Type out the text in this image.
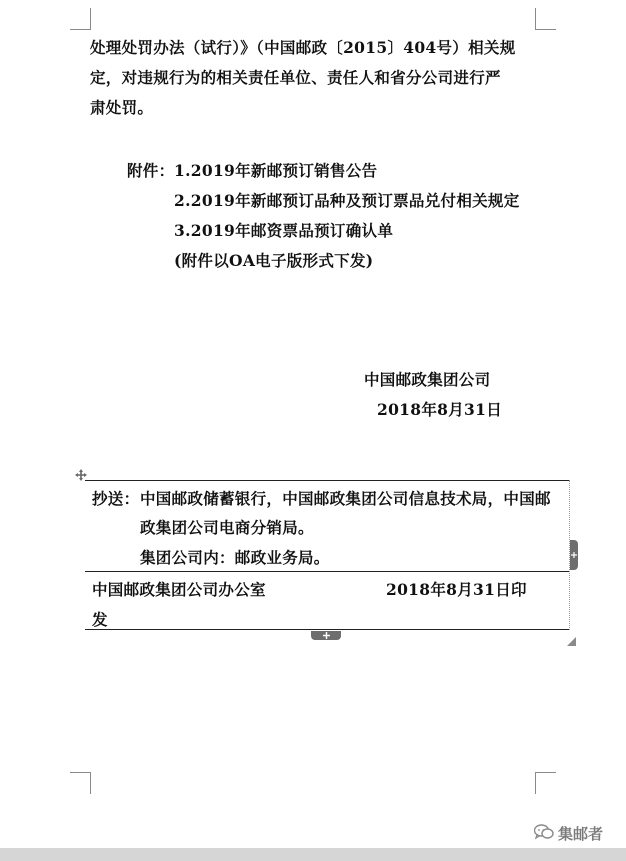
处理处罚办法（试行）》（中国邮政〔2015〕404号）相关规
定，对违规行为的相关责任单位、责任人和省分公司进行严
肃处罚。
附件： 1.2019年新邮预订销售公告
2.2019年新邮预订品种及预订票品兑付相关规定
3.2019年邮资票品预订确认单
(附件以OA电子版形式下发)
中国邮政集团公司
2018年8月31日
抄送： 中国邮政储蓄银行，中国邮政集团公司信息技术局，中国邮
政集团公司电商分销局。
集团公司内：邮政业务局。
中国邮政集团公司办公室	2018年8月31日印
发
集邮者
